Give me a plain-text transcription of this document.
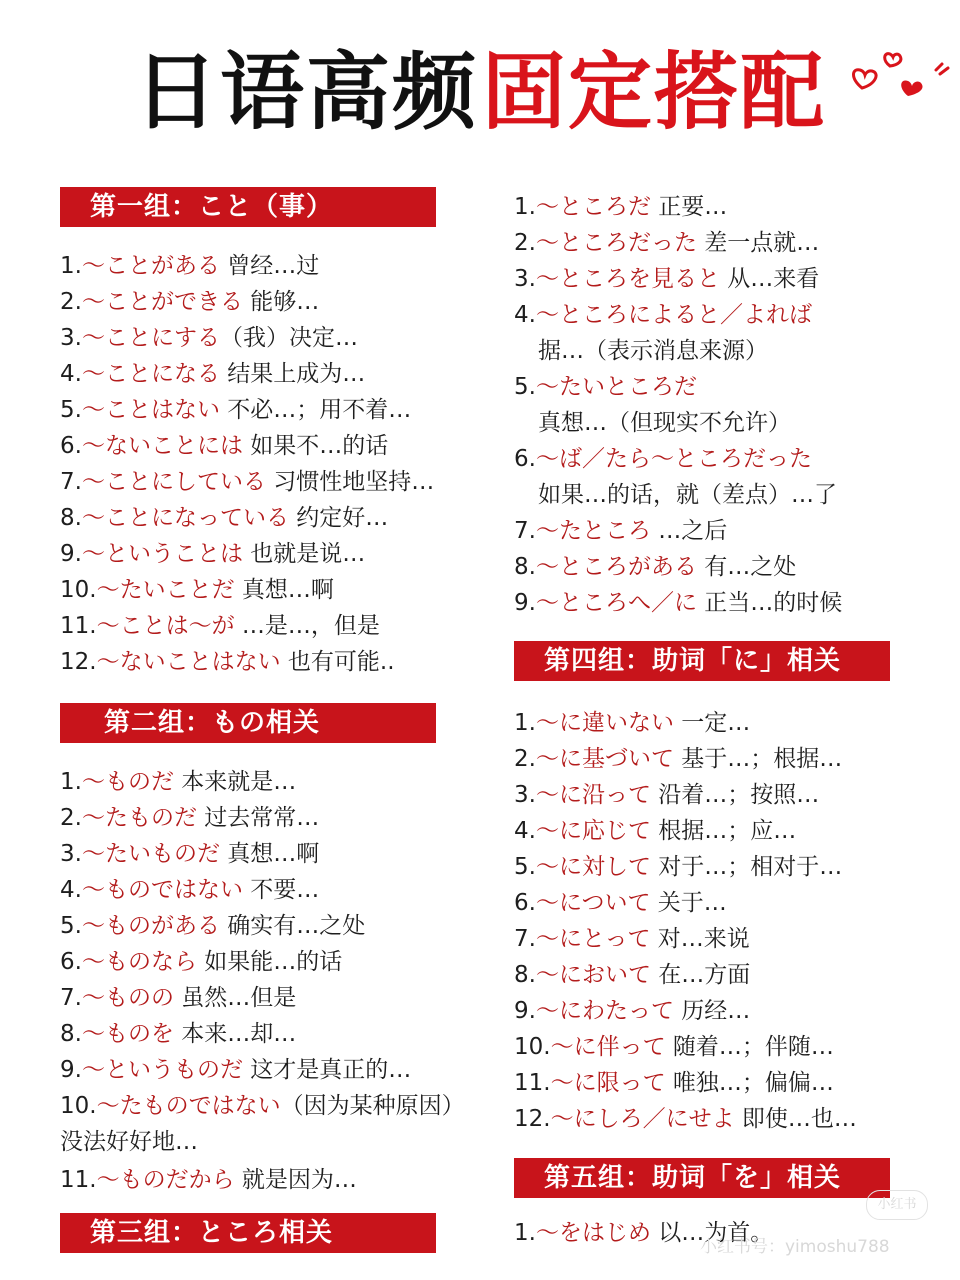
日语高频 固定搭配
第一组：こと（事）
第二组：もの相关
第三组：ところ相关
第四组：助词「に」相关
第五组：助词「を」相关
1.～ことがある 曾经…过
2.～ことができる 能够…
3.～ことにする（我）决定…
4.～ことになる 结果上成为…
5.～ことはない 不必…；用不着…
6.～ないことには 如果不…的话
7.～ことにしている 习惯性地坚持…
8.～ことになっている 约定好…
9.～ということは 也就是说…
10.～たいことだ 真想…啊
11.～ことは～が …是…，但是
12.～ないことはない 也有可能..
1.～ものだ 本来就是…
2.～たものだ 过去常常…
3.～たいものだ 真想…啊
4.～ものではない 不要…
5.～ものがある 确实有…之处
6.～ものなら 如果能…的话
7.～ものの 虽然…但是
8.～ものを 本来…却…
9.～というものだ 这才是真正的…
10.～たものではない（因为某种原因）
没法好好地…
11.～ものだから 就是因为…
1.～ところだ 正要…
2.～ところだった 差一点就…
3.～ところを見ると 从…来看
4.～ところによると／よれば
据…（表示消息来源）
5.～たいところだ
真想…（但现实不允许）
6.～ば／たら～ところだった
如果…的话，就（差点）…了
7.～たところ …之后
8.～ところがある 有…之处
9.～ところへ／に 正当…的时候
1.～に違いない 一定…
2.～に基づいて 基于…；根据…
3.～に沿って 沿着…；按照…
4.～に応じて 根据…；应…
5.～に対して 对于…；相对于…
6.～について 关于…
7.～にとって 对…来说
8.～において 在…方面
9.～にわたって 历经…
10.～に伴って 随着…；伴随…
11.～に限って 唯独…；偏偏…
12.～にしろ／にせよ 即使…也…
1.～をはじめ 以…为首。
小红书
小红书号：yimoshu788
